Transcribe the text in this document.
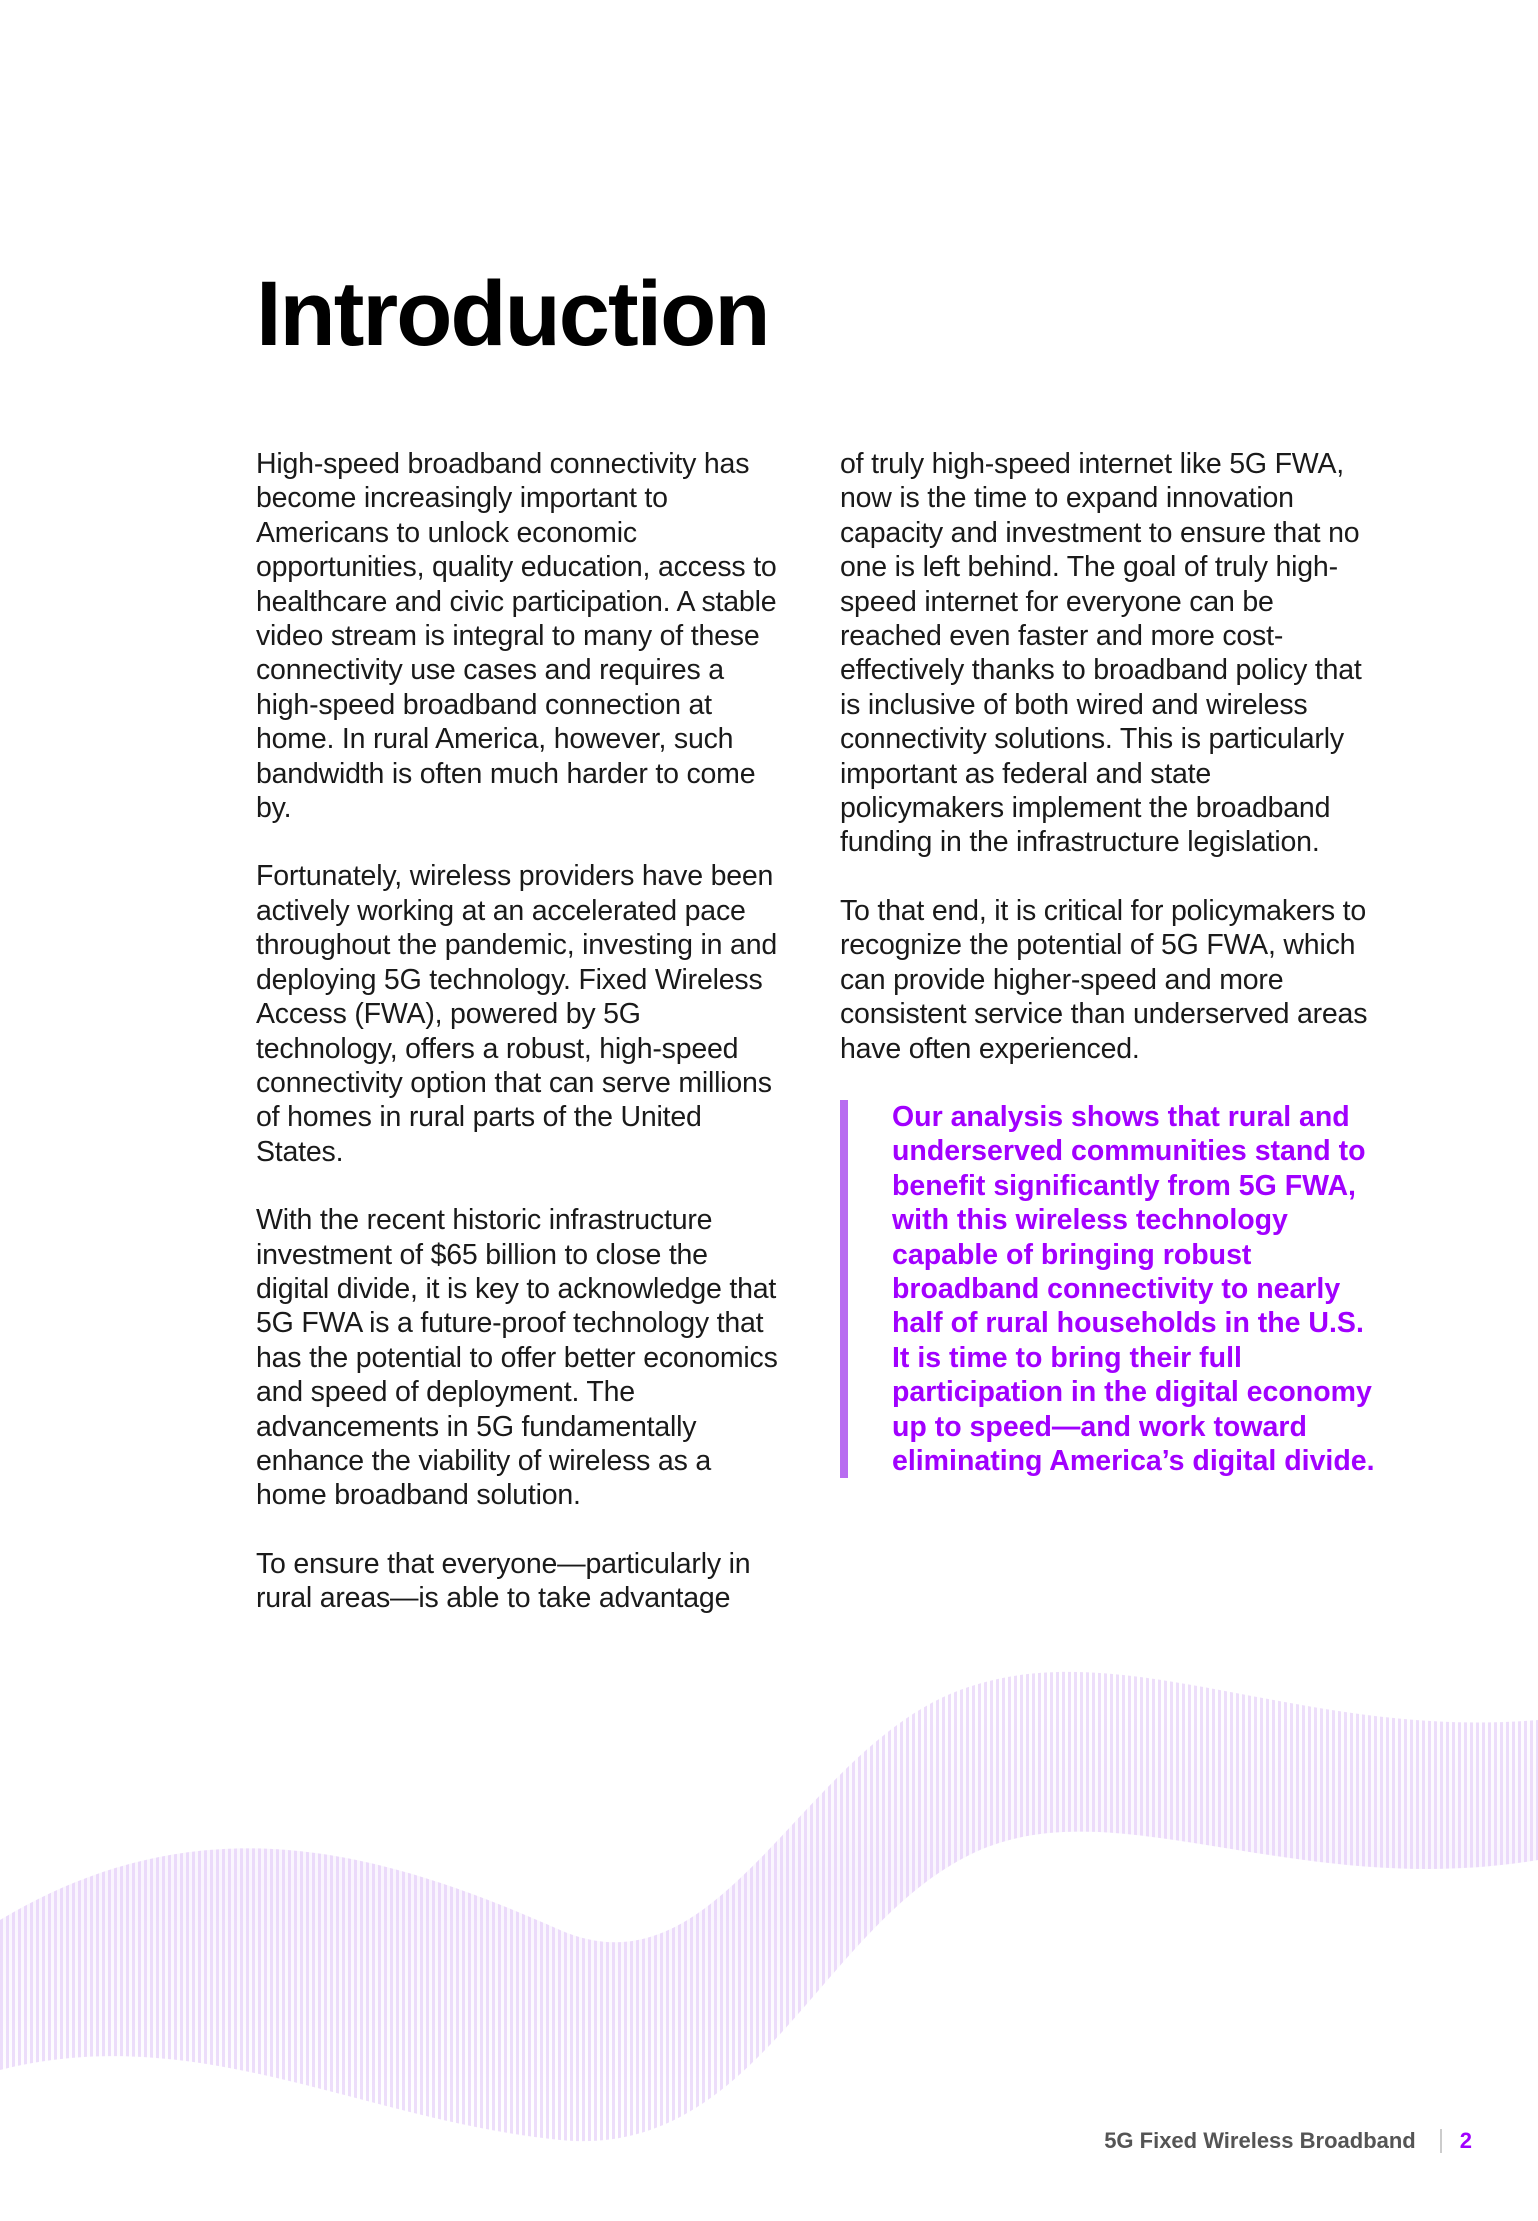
Introduction

High-speed broadband connectivity has become increasingly important to Americans to unlock economic opportunities, quality education, access to healthcare and civic participation. A stable video stream is integral to many of these connectivity use cases and requires a high-speed broadband connection at home. In rural America, however, such bandwidth is often much harder to come by.

Fortunately, wireless providers have been actively working at an accelerated pace throughout the pandemic, investing in and deploying 5G technology. Fixed Wireless Access (FWA), powered by 5G technology, offers a robust, high-speed connectivity option that can serve millions of homes in rural parts of the United States.

With the recent historic infrastructure investment of $65 billion to close the digital divide, it is key to acknowledge that 5G FWA is a future-proof technology that has the potential to offer better economics and speed of deployment. The advancements in 5G fundamentally enhance the viability of wireless as a home broadband solution.

To ensure that everyone—particularly in rural areas—is able to take advantage

of truly high-speed internet like 5G FWA, now is the time to expand innovation capacity and investment to ensure that no one is left behind. The goal of truly high-speed internet for everyone can be reached even faster and more cost-effectively thanks to broadband policy that is inclusive of both wired and wireless connectivity solutions. This is particularly important as federal and state policymakers implement the broadband funding in the infrastructure legislation.

To that end, it is critical for policymakers to recognize the potential of 5G FWA, which can provide higher-speed and more consistent service than underserved areas have often experienced.

Our analysis shows that rural and underserved communities stand to benefit significantly from 5G FWA, with this wireless technology capable of bringing robust broadband connectivity to nearly half of rural households in the U.S. It is time to bring their full participation in the digital economy up to speed—and work toward eliminating America’s digital divide.

5G Fixed Wireless Broadband 2
